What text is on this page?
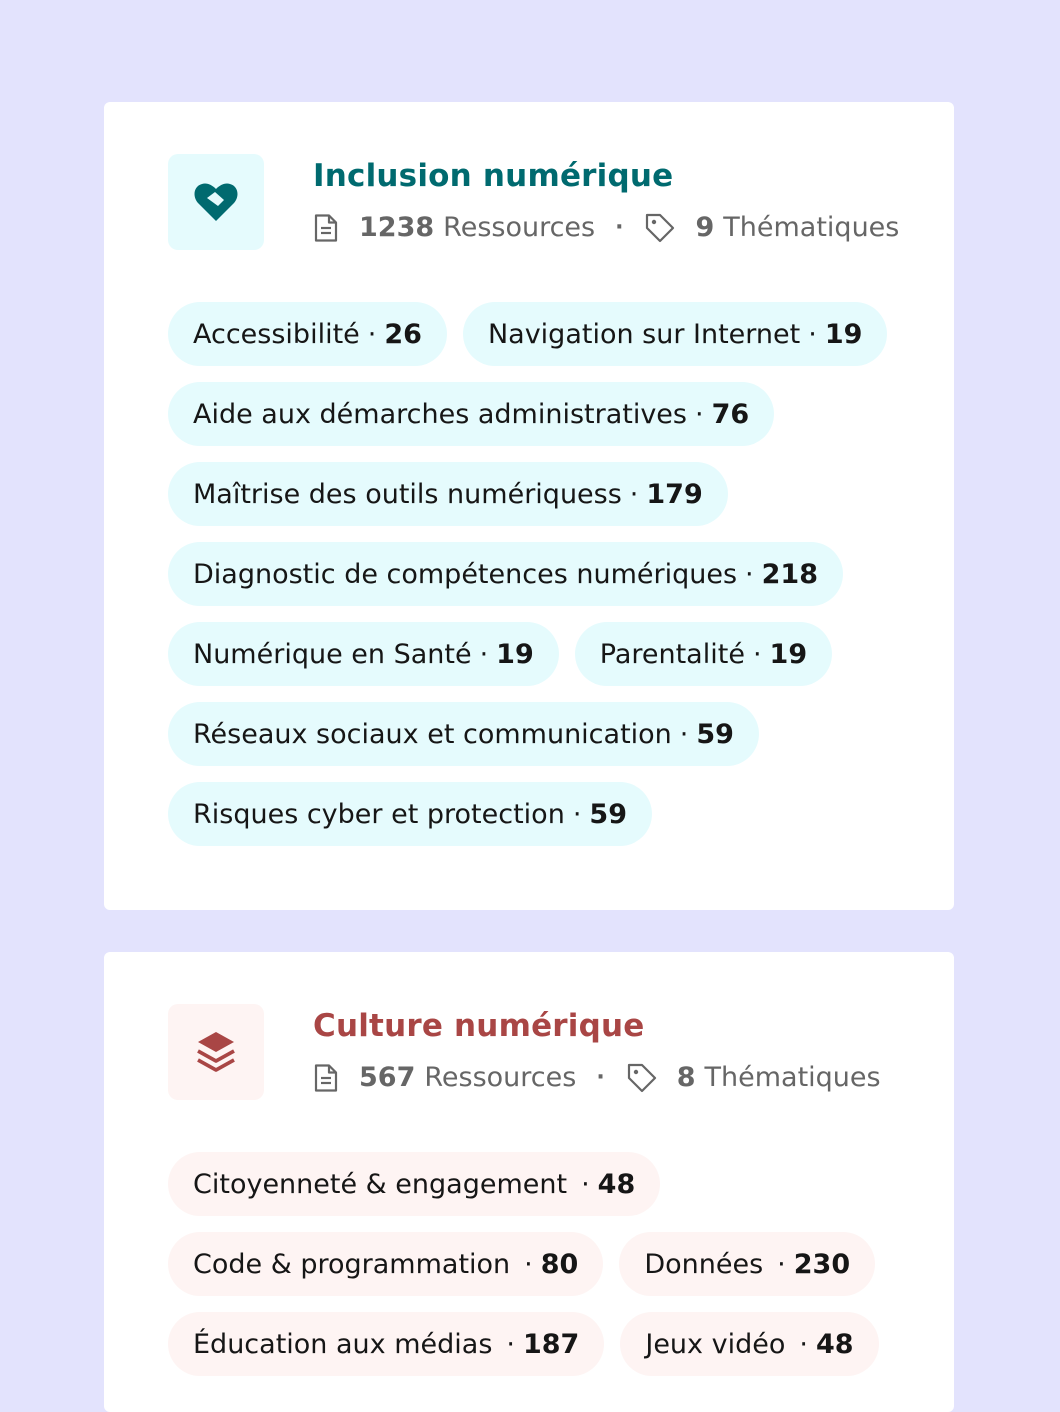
Inclusion numérique
1238 Ressources ·	9 Thématiques
Accessibilité · 26 Navigation sur Internet · 19
Aide aux démarches administratives · 76
Maîtrise des outils numériquess · 179
Diagnostic de compétences numériques · 218
Numérique en Santé · 19 Parentalité · 19
Réseaux sociaux et communication · 59
Risques cyber et protection · 59
Culture numérique
567 Ressources ·	8 Thématiques
Citoyenneté & engagement · 48
Code & programmation · 80 Données · 230
Éducation aux médias · 187 Jeux vidéo · 48
